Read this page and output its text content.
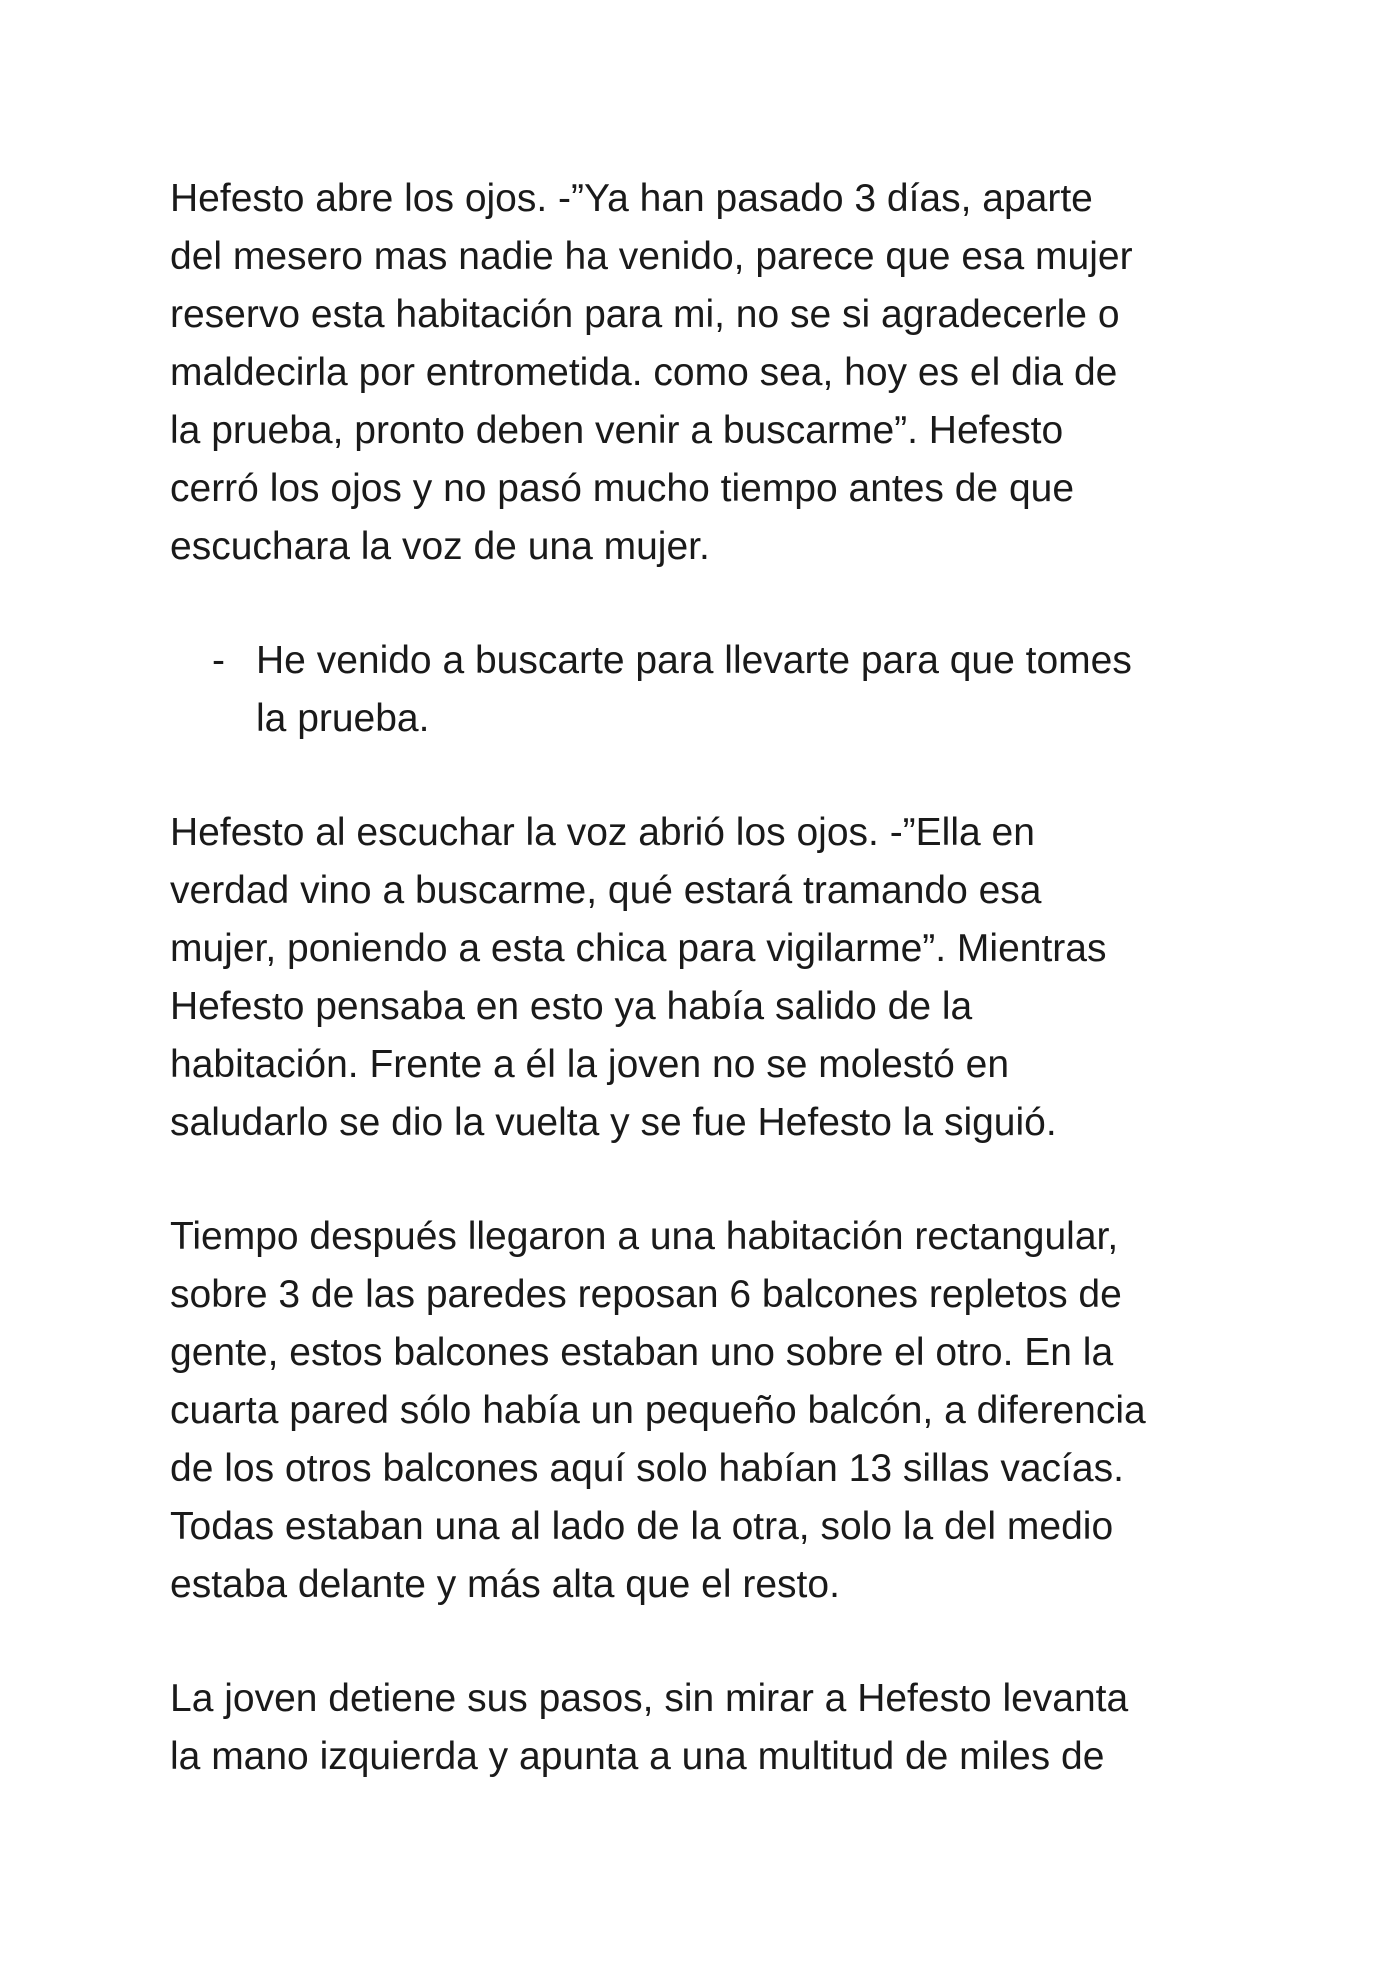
Hefesto abre los ojos. -”Ya han pasado 3 días, aparte
del mesero mas nadie ha venido, parece que esa mujer
reservo esta habitación para mi, no se si agradecerle o
maldecirla por entrometida. como sea, hoy es el dia de
la prueba, pronto deben venir a buscarme”. Hefesto
cerró los ojos y no pasó mucho tiempo antes de que
escuchara la voz de una mujer.
- He venido a buscarte para llevarte para que tomes
la prueba.
Hefesto al escuchar la voz abrió los ojos. -”Ella en
verdad vino a buscarme, qué estará tramando esa
mujer, poniendo a esta chica para vigilarme”. Mientras
Hefesto pensaba en esto ya había salido de la
habitación. Frente a él la joven no se molestó en
saludarlo se dio la vuelta y se fue Hefesto la siguió.
Tiempo después llegaron a una habitación rectangular,
sobre 3 de las paredes reposan 6 balcones repletos de
gente, estos balcones estaban uno sobre el otro. En la
cuarta pared sólo había un pequeño balcón, a diferencia
de los otros balcones aquí solo habían 13 sillas vacías.
Todas estaban una al lado de la otra, solo la del medio
estaba delante y más alta que el resto.
La joven detiene sus pasos, sin mirar a Hefesto levanta
la mano izquierda y apunta a una multitud de miles de
